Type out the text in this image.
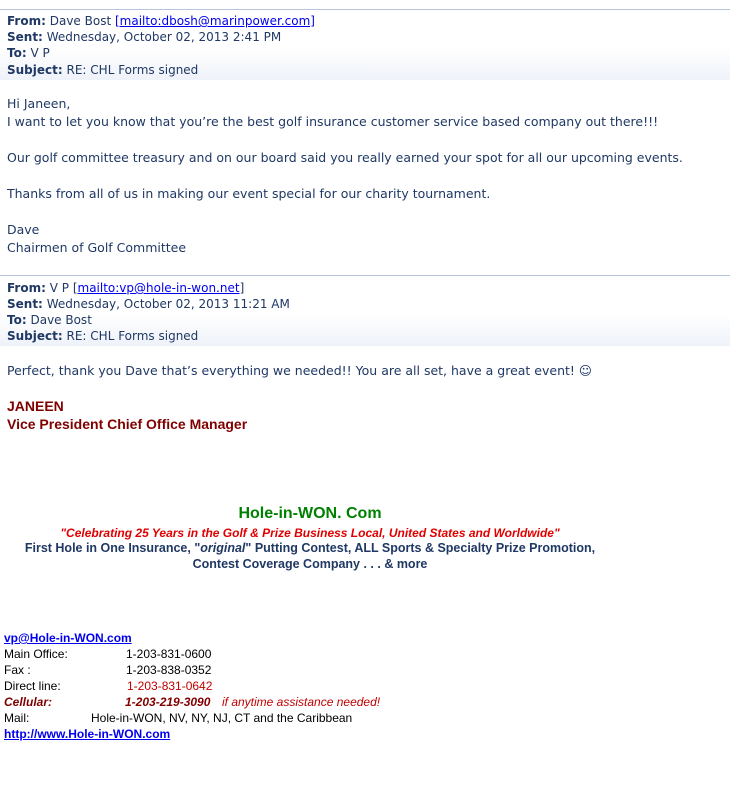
From: Dave Bost [mailto:dbosh@marinpower.com]
Sent: Wednesday, October 02, 2013 2:41 PM
To: V P
Subject: RE: CHL Forms signed
Hi Janeen,
I want to let you know that you’re the best golf insurance customer service based company out there!!!
Our golf committee treasury and on our board said you really earned your spot for all our upcoming events.
Thanks from all of us in making our event special for our charity tournament.
Dave
Chairmen of Golf Committee
From: V P [mailto:vp@hole-in-won.net]
Sent: Wednesday, October 02, 2013 11:21 AM
To: Dave Bost
Subject: RE: CHL Forms signed
Perfect, thank you Dave that’s everything we needed!! You are all set, have a great event! ☺
JANEEN
Vice President Chief Office Manager
Hole-in-WON. Com
"Celebrating 25 Years in the Golf & Prize Business Local, United States and Worldwide"
First Hole in One Insurance, "original" Putting Contest, ALL Sports & Specialty Prize Promotion,
Contest Coverage Company . . . & more
vp@Hole-in-WON.com
Main Office:	1-203-831-0600
Fax :	1-203-838-0352
Direct line:	1-203-831-0642
Cellular:	1-203-219-3090 if anytime assistance needed!
Mail:	Hole-in-WON, NV, NY, NJ, CT and the Caribbean
http://www.Hole-in-WON.com
